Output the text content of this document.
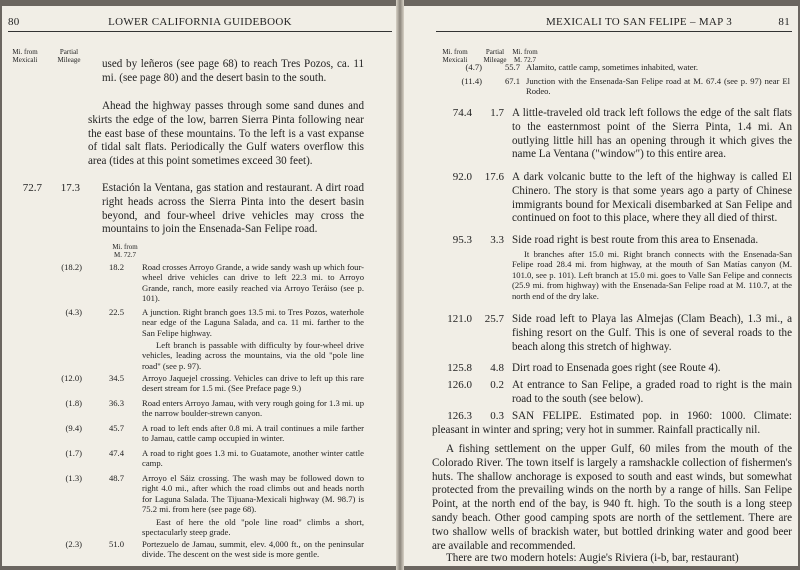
80	LOWER CALIFORNIA GUIDEBOOK
Mi. from Mexicali
Partial Mileage	used by leñeros (see page 68) to reach Tres Pozos, ca. 11 mi. (see page 80) and the desert basin to the south.
Ahead the highway passes through some sand dunes and skirts the edge of the low, barren Sierra Pinta following near the east base of these mountains. To the left is a vast expanse of tidal salt flats. Periodically the Gulf waters overflow this area (tides at this point sometimes exceed 30 feet).
72.7	17.3 Estación la Ventana, gas station and restaurant. A dirt road right heads across the Sierra Pinta into the desert basin beyond, and four-wheel drive vehicles may cross the mountains to join the Ensenada-San Felipe road.
Mi. from M. 72.7
(18.2)	18.2 Road crosses Arroyo Grande, a wide sandy wash up which four-wheel drive vehicles can drive to left 22.3 mi. to Arroyo Grande, ranch, more easily reached via Arroyo Teráiso (see p. 101).
(4.3)	22.5 A junction. Right branch goes 13.5 mi. to Tres Pozos, waterhole near edge of the Laguna Salada, and ca. 11 mi. farther to the San Felipe highway.
Left branch is passable with difficulty by four-wheel drive vehicles, leading across the mountains, via the old "pole line road" (see p. 97).
(12.0)	34.5 Arroyo Jaquejel crossing. Vehicles can drive to left up this rare desert stream for 1.5 mi. (See Preface page 9.)
(1.8)	36.3 Road enters Arroyo Jamau, with very rough going for 1.3 mi. up the narrow boulder-strewn canyon.
(9.4)	45.7 A road to left ends after 0.8 mi. A trail continues a mile farther to Jamau, cattle camp occupied in winter.
(1.7)	47.4 A road to right goes 1.3 mi. to Guatamote, another winter cattle camp.
(1.3)	48.7 Arroyo el Sáiz crossing. The wash may be followed down to right 4.0 mi., after which the road climbs out and heads north for Laguna Salada. The Tijuana-Mexicali highway (M. 98.7) is 75.2 mi. from here (see page 68).
East of here the old "pole line road" climbs a short, spectacularly steep grade.
(2.3)	51.0 Portezuelo de Jamau, summit, elev. 4,000 ft., on the peninsular divide. The descent on the west side is more gentle.
MEXICALI TO SAN FELIPE – MAP 3	81
Mi. from Mexicali
Partial Mileage
Mi. from M. 72.7
(4.7)	55.7 Alamito, cattle camp, sometimes inhabited, water.
(11.4)	67.1 Junction with the Ensenada-San Felipe road at M. 67.4 (see p. 97) near El Rodeo.
74.4	1.7 A little-traveled old track left follows the edge of the salt flats to the easternmost point of the Sierra Pinta, 1.4 mi. An outlying little hill has an opening through it which gives the name La Ventana ("window") to this entire area.
92.0	17.6 A dark volcanic butte to the left of the highway is called El Chinero. The story is that some years ago a party of Chinese immigrants bound for Mexicali disembarked at San Felipe and continued on foot to this place, where they all died of thirst.
95.3	3.3 Side road right is best route from this area to Ensenada.
It branches after 15.0 mi. Right branch connects with the Ensenada-San Felipe road 28.4 mi. from highway, at the mouth of San Matías canyon (M. 101.0, see p. 101). Left branch at 15.0 mi. goes to Valle San Felipe and connects (25.9 mi. from highway) with the Ensenada-San Felipe road at M. 110.7, at the north end of the dry lake.
121.0	25.7 Side road left to Playa las Almejas (Clam Beach), 1.3 mi., a fishing resort on the Gulf. This is one of several roads to the beach along this stretch of highway.
125.8	4.8 Dirt road to Ensenada goes right (see Route 4).
126.0	0.2 At entrance to San Felipe, a graded road to right is the main road to the south (see below).
126.3	0.3 SAN FELIPE. Estimated pop. in 1960: 1000. Climate: pleasant in winter and spring; very hot in summer. Rainfall practically nil.
A fishing settlement on the upper Gulf, 60 miles from the mouth of the Colorado River. The town itself is largely a ramshackle collection of fishermen's huts. The shallow anchorage is exposed to south and east winds, but somewhat protected from the prevailing winds on the north by a range of hills. San Felipe Point, at the north end of the bay, is 940 ft. high. To the south is a long steep sandy beach. Other good camping spots are north of the settlement. There are two shallow wells of brackish water, but bottled drinking water and good beer are available and recommended.
There are two modern hotels: Augie's Riviera (i-b, bar, restaurant)
